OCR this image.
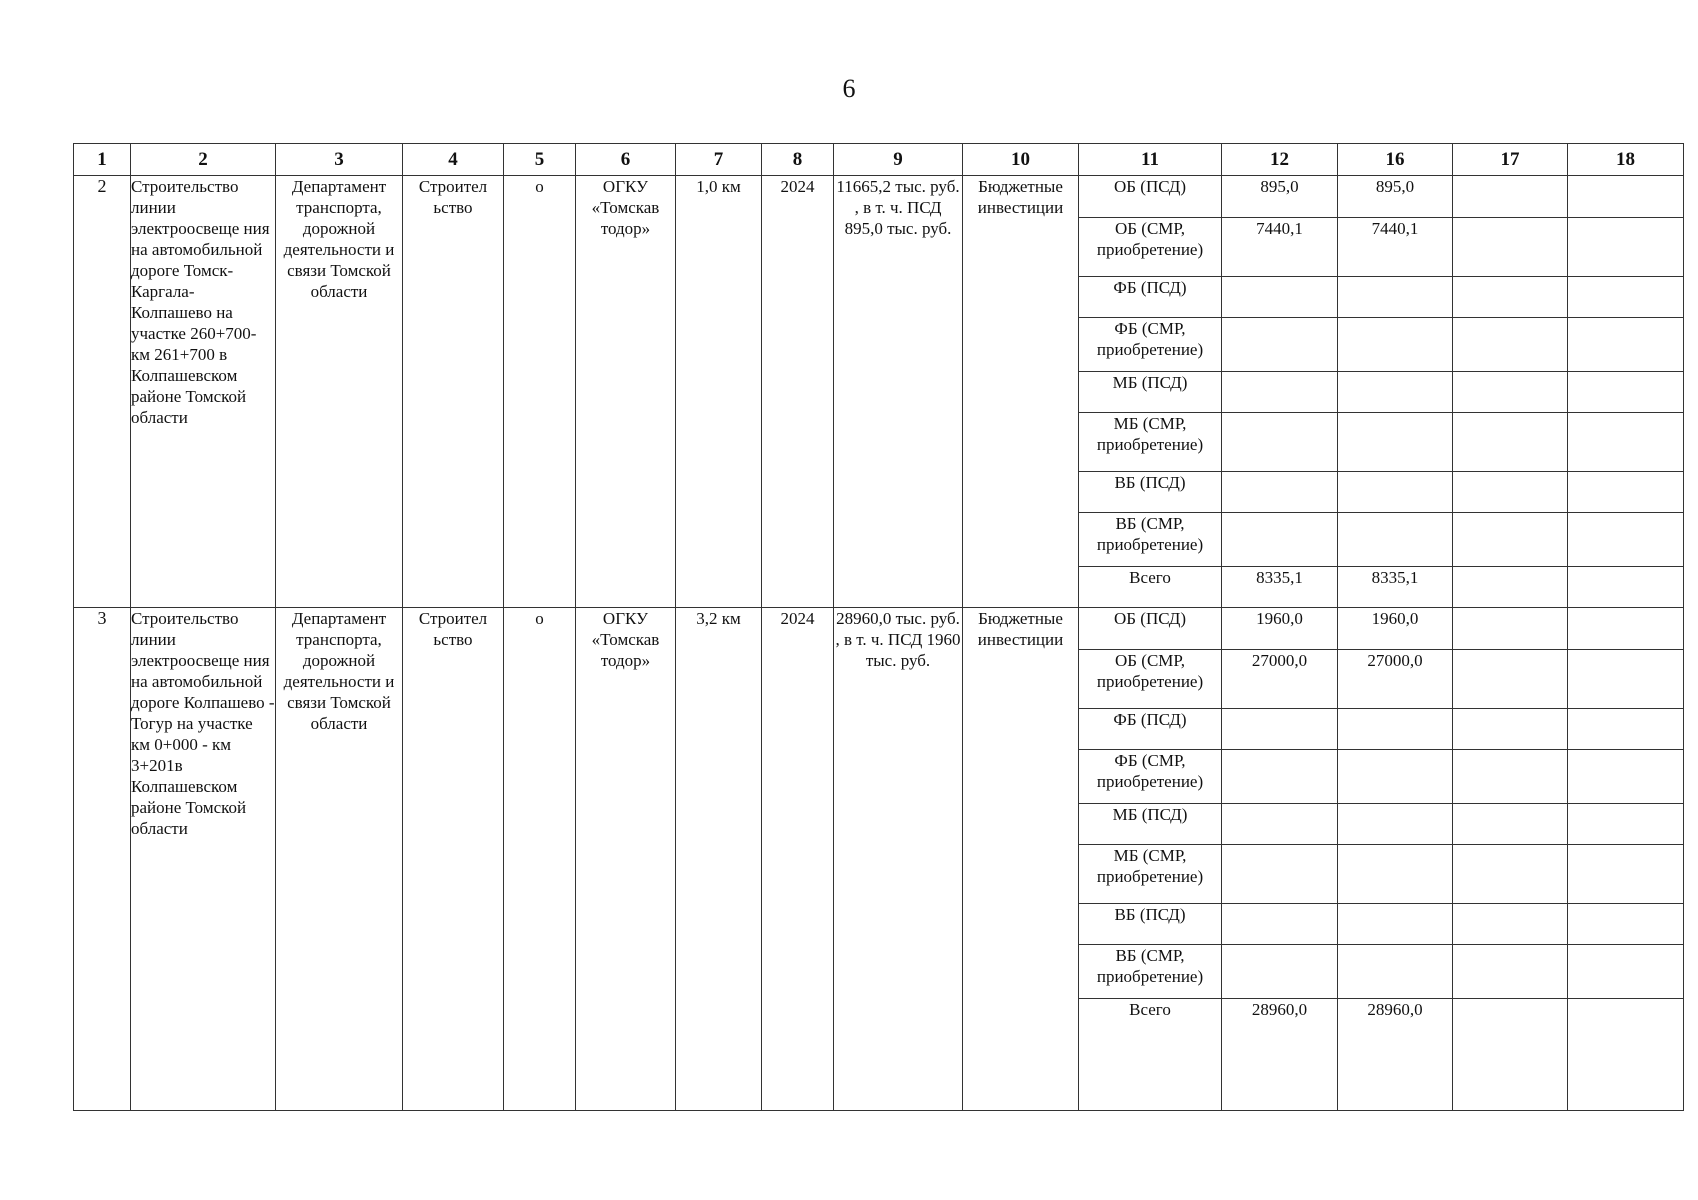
6
1	2	3	4	5	6	7	8	9	10	11	12	16	17	18
2	Строительство линии электроосвеще ния на автомобильной дороге Томск-Каргала-Колпашево на участке 260+700- км 261+700 в Колпашевском районе Томской области	Департамент транспорта, дорожной деятельности и связи Томской области	Строител ьство	о	ОГКУ «Томскав тодор»	1,0 км	2024	11665,2 тыс. руб. , в т. ч. ПСД 895,0 тыс. руб.	Бюджетные инвестиции	ОБ (ПСД)	895,0	895,0		
										ОБ (СМР, приобретение)	7440,1	7440,1		
										ФБ (ПСД)				
										ФБ (СМР, приобретение)				
										МБ (ПСД)				
										МБ (СМР, приобретение)				
										ВБ (ПСД)				
										ВБ (СМР, приобретение)				
										Всего	8335,1	8335,1		
3	Строительство линии электроосвеще ния на автомобильной дороге Колпашево - Тогур на участке км 0+000 - км 3+201в Колпашевском районе Томской области	Департамент транспорта, дорожной деятельности и связи Томской области	Строител ьство	о	ОГКУ «Томскав тодор»	3,2 км	2024	28960,0 тыс. руб. , в т. ч. ПСД 1960 тыс. руб.	Бюджетные инвестиции	ОБ (ПСД)	1960,0	1960,0		
										ОБ (СМР, приобретение)	27000,0	27000,0		
										ФБ (ПСД)				
										ФБ (СМР, приобретение)				
										МБ (ПСД)				
										МБ (СМР, приобретение)				
										ВБ (ПСД)				
										ВБ (СМР, приобретение)				
										Всего	28960,0	28960,0		
